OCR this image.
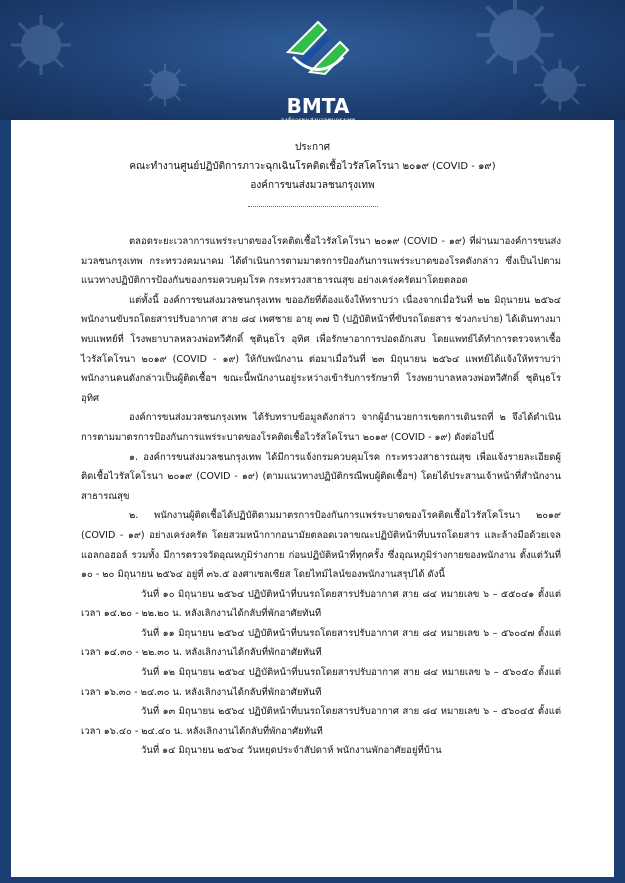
BMTA
ประกาศ
คณะทำงานศูนย์ปฏิบัติการภาวะฉุกเฉินโรคติดเชื้อไวรัสโคโรนา ๒๐๑๙ (COVID - ๑๙)
องค์การขนส่งมวลชนกรุงเทพ

ตลอดระยะเวลาการแพร่ระบาดของโรคติดเชื้อไวรัสโคโรนา ๒๐๑๙ (COVID - ๑๙) ที่ผ่านมาองค์การขนส่งมวลชนกรุงเทพ กระทรวงคมนาคม ได้ดำเนินการตามมาตรการป้องกันการแพร่ระบาดของโรคดังกล่าว ซึ่งเป็นไปตามแนวทางปฏิบัติการป้องกันของกรมควบคุมโรค กระทรวงสาธารณสุข อย่างเคร่งครัดมาโดยตลอด

แต่ทั้งนี้ องค์การขนส่งมวลชนกรุงเทพ ขออภัยที่ต้องแจ้งให้ทราบว่า เนื่องจากเมื่อวันที่ ๒๒ มิถุนายน ๒๕๖๔ พนักงานขับรถโดยสารปรับอากาศ สาย ๘๔ เพศชาย อายุ ๓๗ ปี (ปฏิบัติหน้าที่ขับรถโดยสาร ช่วงกะบ่าย) ได้เดินทางมาพบแพทย์ที่ โรงพยาบาลหลวงพ่อทวีศักดิ์ ชุตินฺธโร อุทิศ เพื่อรักษาอาการปอดอักเสบ โดยแพทย์ได้ทำการตรวจหาเชื้อไวรัสโคโรนา ๒๐๑๙ (COVID - ๑๙) ให้กับพนักงาน ต่อมาเมื่อวันที่ ๒๓ มิถุนายน ๒๕๖๔ แพทย์ได้แจ้งให้ทราบว่า พนักงานคนดังกล่าวเป็นผู้ติดเชื้อฯ ขณะนี้พนักงานอยู่ระหว่างเข้ารับการรักษาที่ โรงพยาบาลหลวงพ่อทวีศักดิ์ ชุตินฺธโร อุทิศ

องค์การขนส่งมวลชนกรุงเทพ ได้รับทราบข้อมูลดังกล่าว จากผู้อำนวยการเขตการเดินรถที่ ๒ จึงได้ดำเนินการตามมาตรการป้องกันการแพร่ระบาดของโรคติดเชื้อไวรัสโคโรนา ๒๐๑๙ (COVID - ๑๙) ดังต่อไปนี้

๑. องค์การขนส่งมวลชนกรุงเทพ ได้มีการแจ้งกรมควบคุมโรค กระทรวงสาธารณสุข เพื่อแจ้งรายละเอียดผู้ติดเชื้อไวรัสโคโรนา ๒๐๑๙ (COVID - ๑๙) (ตามแนวทางปฏิบัติกรณีพบผู้ติดเชื้อฯ) โดยได้ประสานเจ้าหน้าที่สำนักงานสาธารณสุข

๒. พนักงานผู้ติดเชื้อได้ปฏิบัติตามมาตรการป้องกันการแพร่ระบาดของโรคติดเชื้อไวรัสโคโรนา ๒๐๑๙ (COVID - ๑๙) อย่างเคร่งครัด โดยสวมหน้ากากอนามัยตลอดเวลาขณะปฏิบัติหน้าที่บนรถโดยสาร และล้างมือด้วยเจลแอลกอฮอล์ รวมทั้ง มีการตรวจวัดอุณหภูมิร่างกาย ก่อนปฏิบัติหน้าที่ทุกครั้ง ซึ่งอุณหภูมิร่างกายของพนักงาน ตั้งแต่วันที่ ๑๐ - ๒๐ มิถุนายน ๒๕๖๔ อยู่ที่ ๓๖.๕ องศาเซลเซียส โดยไทม์ไลน์ของพนักงานสรุปได้ ดังนี้

วันที่ ๑๐ มิถุนายน ๒๕๖๔ ปฏิบัติหน้าที่บนรถโดยสารปรับอากาศ สาย ๘๔ หมายเลข ๖ – ๕๕๐๔๑ ตั้งแต่เวลา ๑๔.๒๐ - ๒๒.๒๐ น. หลังเลิกงานได้กลับที่พักอาศัยทันที

วันที่ ๑๑ มิถุนายน ๒๕๖๔ ปฏิบัติหน้าที่บนรถโดยสารปรับอากาศ สาย ๘๔ หมายเลข ๖ – ๕๖๐๔๗ ตั้งแต่เวลา ๑๔.๓๐ - ๒๒.๓๐ น. หลังเลิกงานได้กลับที่พักอาศัยทันที

วันที่ ๑๒ มิถุนายน ๒๕๖๔ ปฏิบัติหน้าที่บนรถโดยสารปรับอากาศ สาย ๘๔ หมายเลข ๖ – ๕๖๐๕๐ ตั้งแต่เวลา ๑๖.๓๐ - ๒๔.๓๐ น. หลังเลิกงานได้กลับที่พักอาศัยทันที

วันที่ ๑๓ มิถุนายน ๒๕๖๔ ปฏิบัติหน้าที่บนรถโดยสารปรับอากาศ สาย ๘๔ หมายเลข ๖ – ๕๖๐๔๕ ตั้งแต่เวลา ๑๖.๔๐ - ๒๔.๔๐ น. หลังเลิกงานได้กลับที่พักอาศัยทันที

วันที่ ๑๔ มิถุนายน ๒๕๖๔ วันหยุดประจำสัปดาห์ พนักงานพักอาศัยอยู่ที่บ้าน
